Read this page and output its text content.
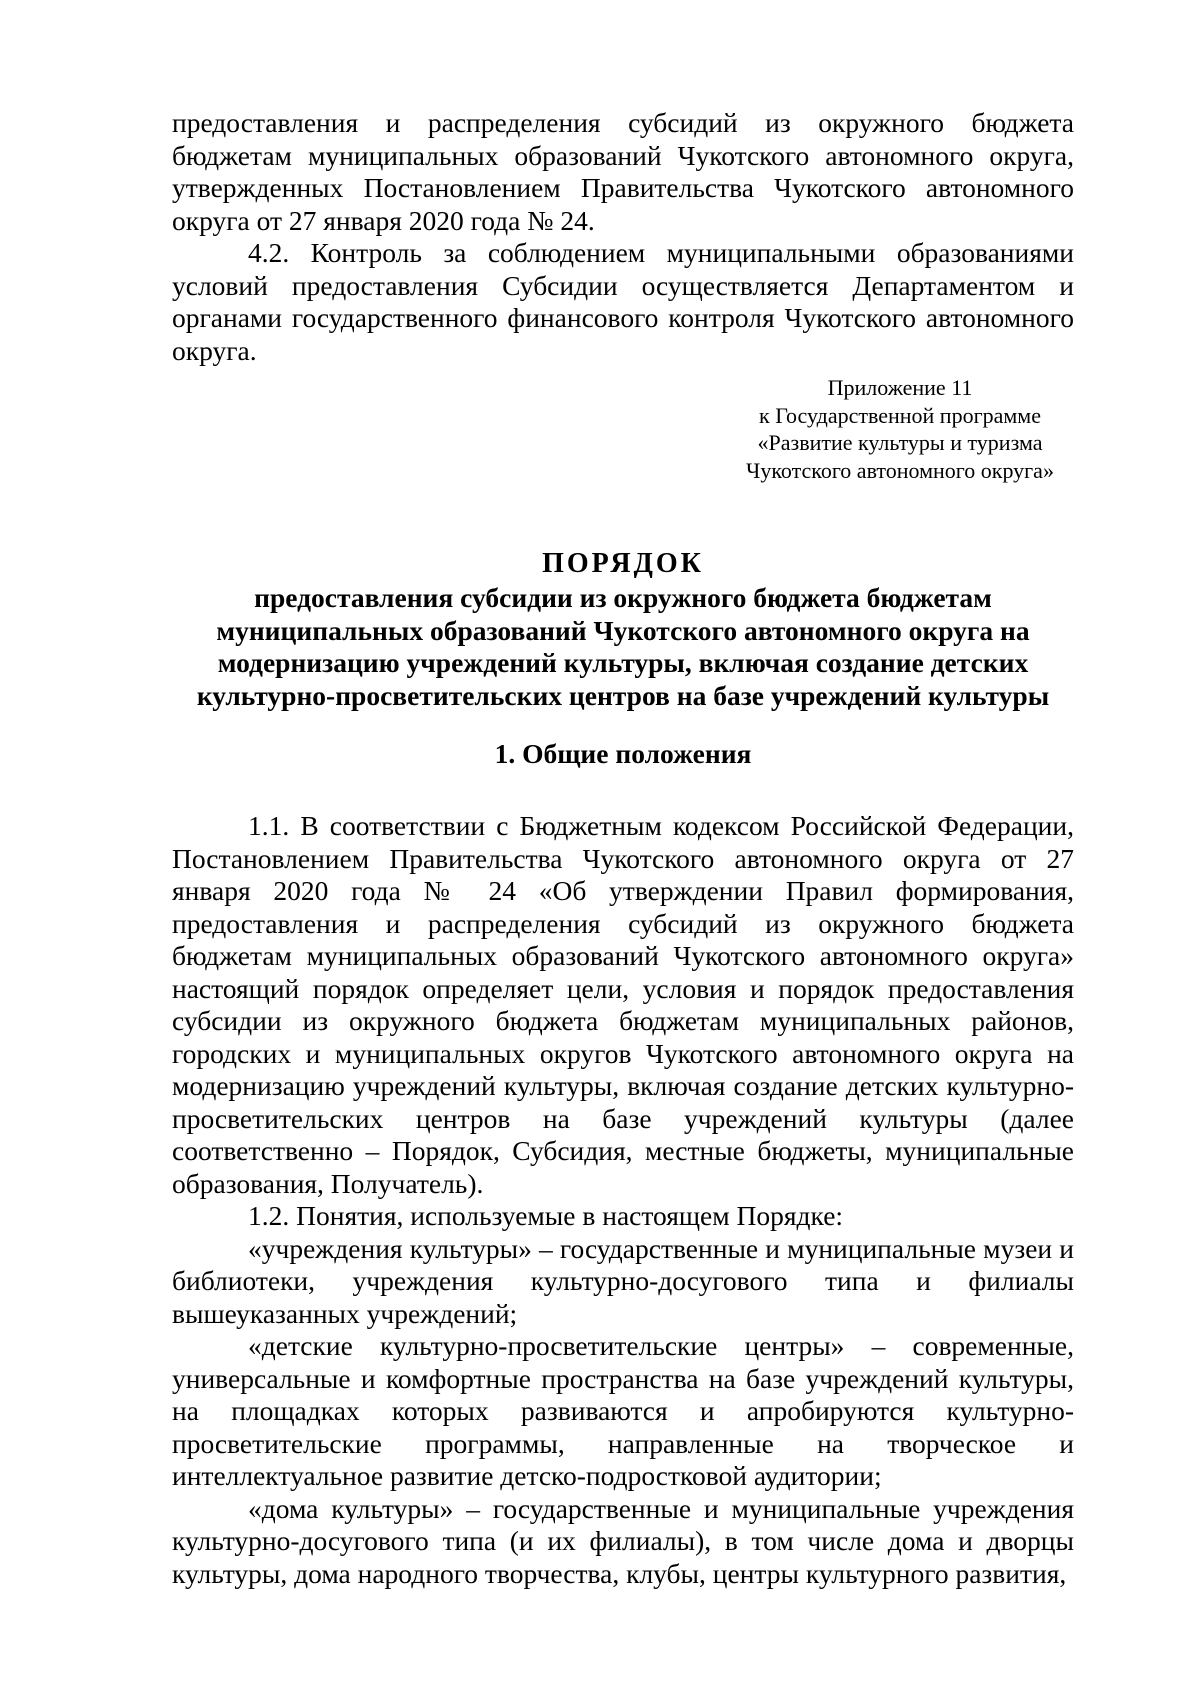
предоставления и распределения субсидий из окружного бюджета бюджетам муниципальных образований Чукотского автономного округа, утвержденных Постановлением Правительства Чукотского автономного округа от 27 января 2020 года № 24.

4.2. Контроль за соблюдением муниципальными образованиями условий предоставления Субсидии осуществляется Департаментом и органами государственного финансового контроля Чукотского автономного округа.

Приложение 11
к Государственной программе
«Развитие культуры и туризма
Чукотского автономного округа»
ПОРЯДОК
предоставления субсидии из окружного бюджета бюджетам муниципальных образований Чукотского автономного округа на модернизацию учреждений культуры, включая создание детских культурно-просветительских центров на базе учреждений культуры
1. Общие положения

1.1. В соответствии с Бюджетным кодексом Российской Федерации, Постановлением Правительства Чукотского автономного округа от 27 января 2020 года № 24 «Об утверждении Правил формирования, предоставления и распределения субсидий из окружного бюджета бюджетам муниципальных образований Чукотского автономного округа» настоящий порядок определяет цели, условия и порядок предоставления субсидии из окружного бюджета бюджетам муниципальных районов, городских и муниципальных округов Чукотского автономного округа на модернизацию учреждений культуры, включая создание детских культурно-просветительских центров на базе учреждений культуры (далее соответственно – Порядок, Субсидия, местные бюджеты, муниципальные образования, Получатель).

1.2. Понятия, используемые в настоящем Порядке:

«учреждения культуры» – государственные и муниципальные музеи и библиотеки, учреждения культурно-досугового типа и филиалы вышеуказанных учреждений;

«детские культурно-просветительские центры» – современные, универсальные и комфортные пространства на базе учреждений культуры, на площадках которых развиваются и апробируются культурно-просветительские программы, направленные на творческое и интеллектуальное развитие детско-подростковой аудитории;

«дома культуры» – государственные и муниципальные учреждения культурно-досугового типа (и их филиалы), в том числе дома и дворцы культуры, дома народного творчества, клубы, центры культурного развития,
